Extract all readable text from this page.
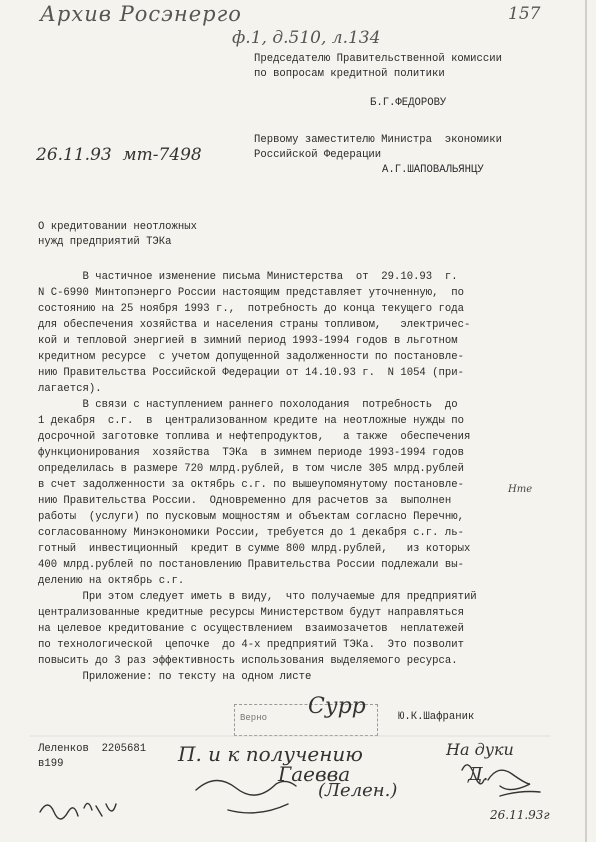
Архив Росэнерго
ф.1, д.510, л.134
157
Председателю Правительственной комиссии
по вопросам кредитной политики
Б.Г.ФЕДОРОВУ
Первому заместителю Министра  экономики
Российской Федерации
А.Г.ШАПОВАЛЬЯНЦУ
26.11.93  мт-7498
О кредитовании неотложных
нужд предприятий ТЭКа
В частичное изменение письма Министерства  от  29.10.93  г.
N С-6990 Минтопэнерго России настоящим представляет уточненную,  по
состоянию на 25 ноября 1993 г.,  потребность до конца текущего года
для обеспечения хозяйства и населения страны топливом,   электричес-
кой и тепловой энергией в зимний период 1993-1994 годов в льготном
кредитном ресурсе  с учетом допущенной задолженности по постановле-
нию Правительства Российской Федерации от 14.10.93 г.  N 1054 (при-
лагается).
В связи с наступлением раннего похолодания  потребность  до
1 декабря  с.г.  в  централизованном кредите на неотложные нужды по
досрочной заготовке топлива и нефтепродуктов,   а также  обеспечения
функционирования  хозяйства  ТЭКа  в зимнем периоде 1993-1994 годов
определилась в размере 720 млрд.рублей, в том числе 305 млрд.рублей
в счет задолженности за октябрь с.г. по вышеупомянутому постановле-
нию Правительства России.  Одновременно для расчетов за  выполнен
работы  (услуги) по пусковым мощностям и объектам согласно Перечню,
согласованному Минэкономики России, требуется до 1 декабря с.г. ль-
готный  инвестиционный  кредит в сумме 800 млрд.рублей,   из которых
400 млрд.рублей по постановлению Правительства России подлежали вы-
делению на октябрь с.г.
При этом следует иметь в виду,  что получаемые для предприятий
централизованные кредитные ресурсы Министерством будут направляться
на целевое кредитование с осуществлением  взаимозачетов  неплатежей
по технологической  цепочке  до 4-х предприятий ТЭКа.  Это позволит
повысить до 3 раз эффективность использования выделяемого ресурса.
Приложение: по тексту на одном листе
Нте
Верно Сурр	Ю.К.Шафраник
Леленков  2205681
в199	П. и к получению
Гаевва
(Лелен.)
На дуки
Д.
26.11.93г
